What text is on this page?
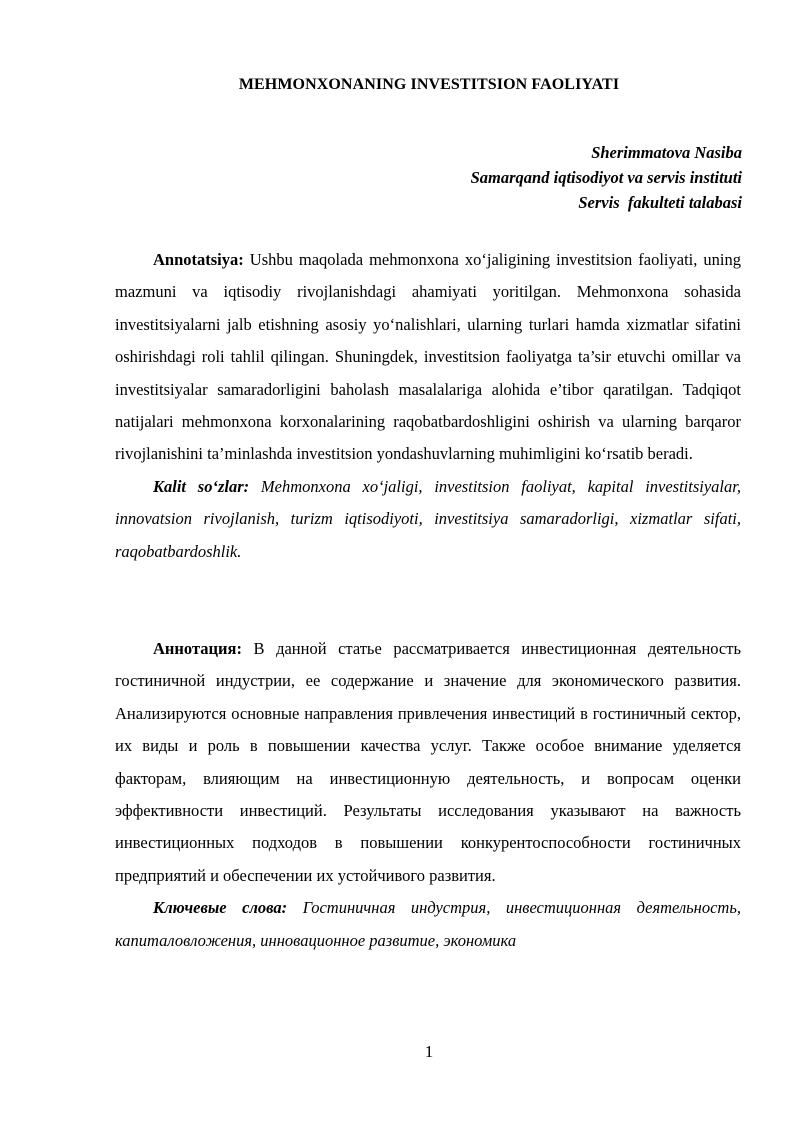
MEHMONXONANING INVESTITSION FAOLIYATI
Sherimmatova Nasiba
Samarqand iqtisodiyot va servis instituti
Servis  fakulteti talabasi

Annotatsiya: Ushbu maqolada mehmonxona xo‘jaligining investitsion faoliyati, uning mazmuni va iqtisodiy rivojlanishdagi ahamiyati yoritilgan. Mehmonxona sohasida investitsiyalarni jalb etishning asosiy yo‘nalishlari, ularning turlari hamda xizmatlar sifatini oshirishdagi roli tahlil qilingan. Shuningdek, investitsion faoliyatga ta’sir etuvchi omillar va investitsiyalar samaradorligini baholash masalalariga alohida e’tibor qaratilgan. Tadqiqot natijalari mehmonxona korxonalarining raqobatbardoshligini oshirish va ularning barqaror rivojlanishini ta’minlashda investitsion yondashuvlarning muhimligini ko‘rsatib beradi.

Kalit so‘zlar: Mehmonxona xo‘jaligi, investitsion faoliyat, kapital investitsiyalar, innovatsion rivojlanish, turizm iqtisodiyoti, investitsiya samaradorligi, xizmatlar sifati, raqobatbardoshlik.

Аннотация: В данной статье рассматривается инвестиционная деятельность гостиничной индустрии, ее содержание и значение для экономического развития. Анализируются основные направления привлечения инвестиций в гостиничный сектор, их виды и роль в повышении качества услуг. Также особое внимание уделяется факторам, влияющим на инвестиционную деятельность, и вопросам оценки эффективности инвестиций. Результаты исследования указывают на важность инвестиционных подходов в повышении конкурентоспособности гостиничных предприятий и обеспечении их устойчивого развития.

Ключевые слова: Гостиничная индустрия, инвестиционная деятельность, капиталовложения, инновационное развитие, экономика

1
